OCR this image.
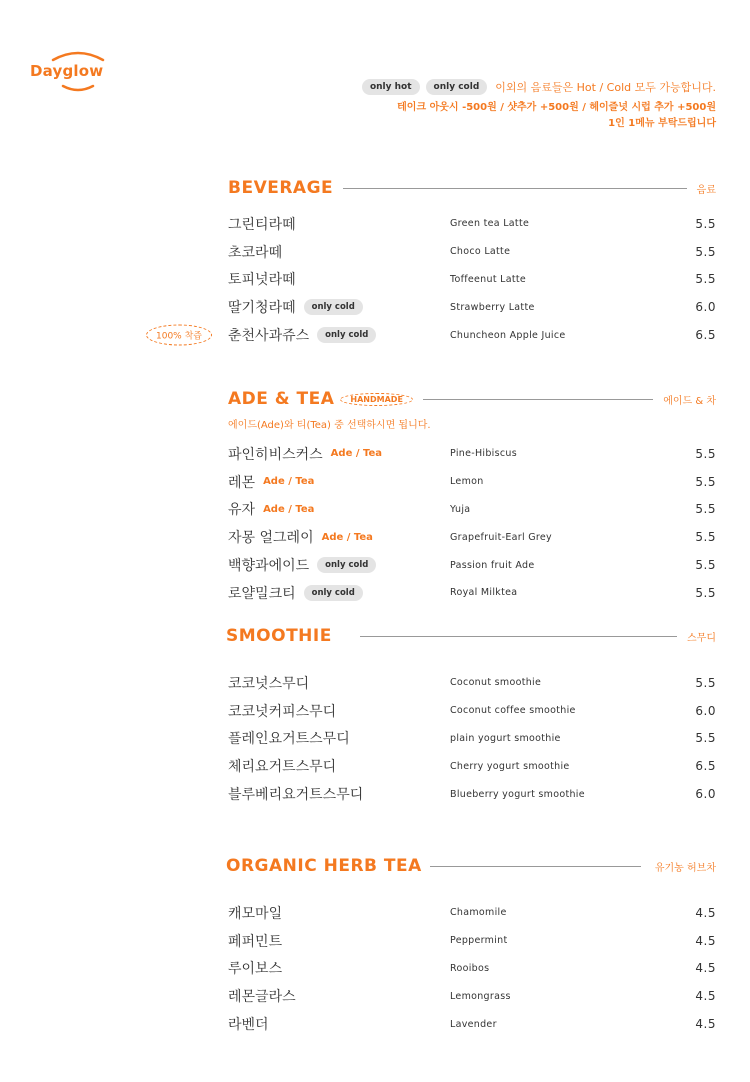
Dayglow
only hot	only cold	이외의 음료들은 Hot / Cold 모두 가능합니다.
테이크 아웃시 -500원 / 샷추가 +500원 / 헤이즐넛 시럽 추가 +500원
1인 1메뉴 부탁드립니다
BEVERAGE	음료
그린티라떼	Green tea Latte	5.5
초코라떼	Choco Latte	5.5
토피넛라떼	Toffeenut Latte	5.5
딸기청라떼	only cold	Strawberry Latte	6.0
100% 착즙	춘천사과쥬스	only cold	Chuncheon Apple Juice	6.5
ADE & TEA	HANDMADE	에이드 & 차
에이드(Ade)와 티(Tea) 중 선택하시면 됩니다.
파인히비스커스 Ade / Tea	Pine-Hibiscus	5.5
레몬 Ade / Tea	Lemon	5.5
유자 Ade / Tea	Yuja	5.5
자몽 얼그레이 Ade / Tea	Grapefruit-Earl Grey	5.5
백향과에이드	only cold	Passion fruit Ade	5.5
로얄밀크티	only cold	Royal Milktea	5.5
SMOOTHIE	스무디
코코넛스무디	Coconut smoothie	5.5
코코넛커피스무디	Coconut coffee smoothie	6.0
플레인요거트스무디	plain yogurt smoothie	5.5
체리요거트스무디	Cherry yogurt smoothie	6.5
블루베리요거트스무디	Blueberry yogurt smoothie	6.0
ORGANIC HERB TEA	유기농 허브차
캐모마일	Chamomile	4.5
페퍼민트	Peppermint	4.5
루이보스	Rooibos	4.5
레몬글라스	Lemongrass	4.5
라벤더	Lavender	4.5
